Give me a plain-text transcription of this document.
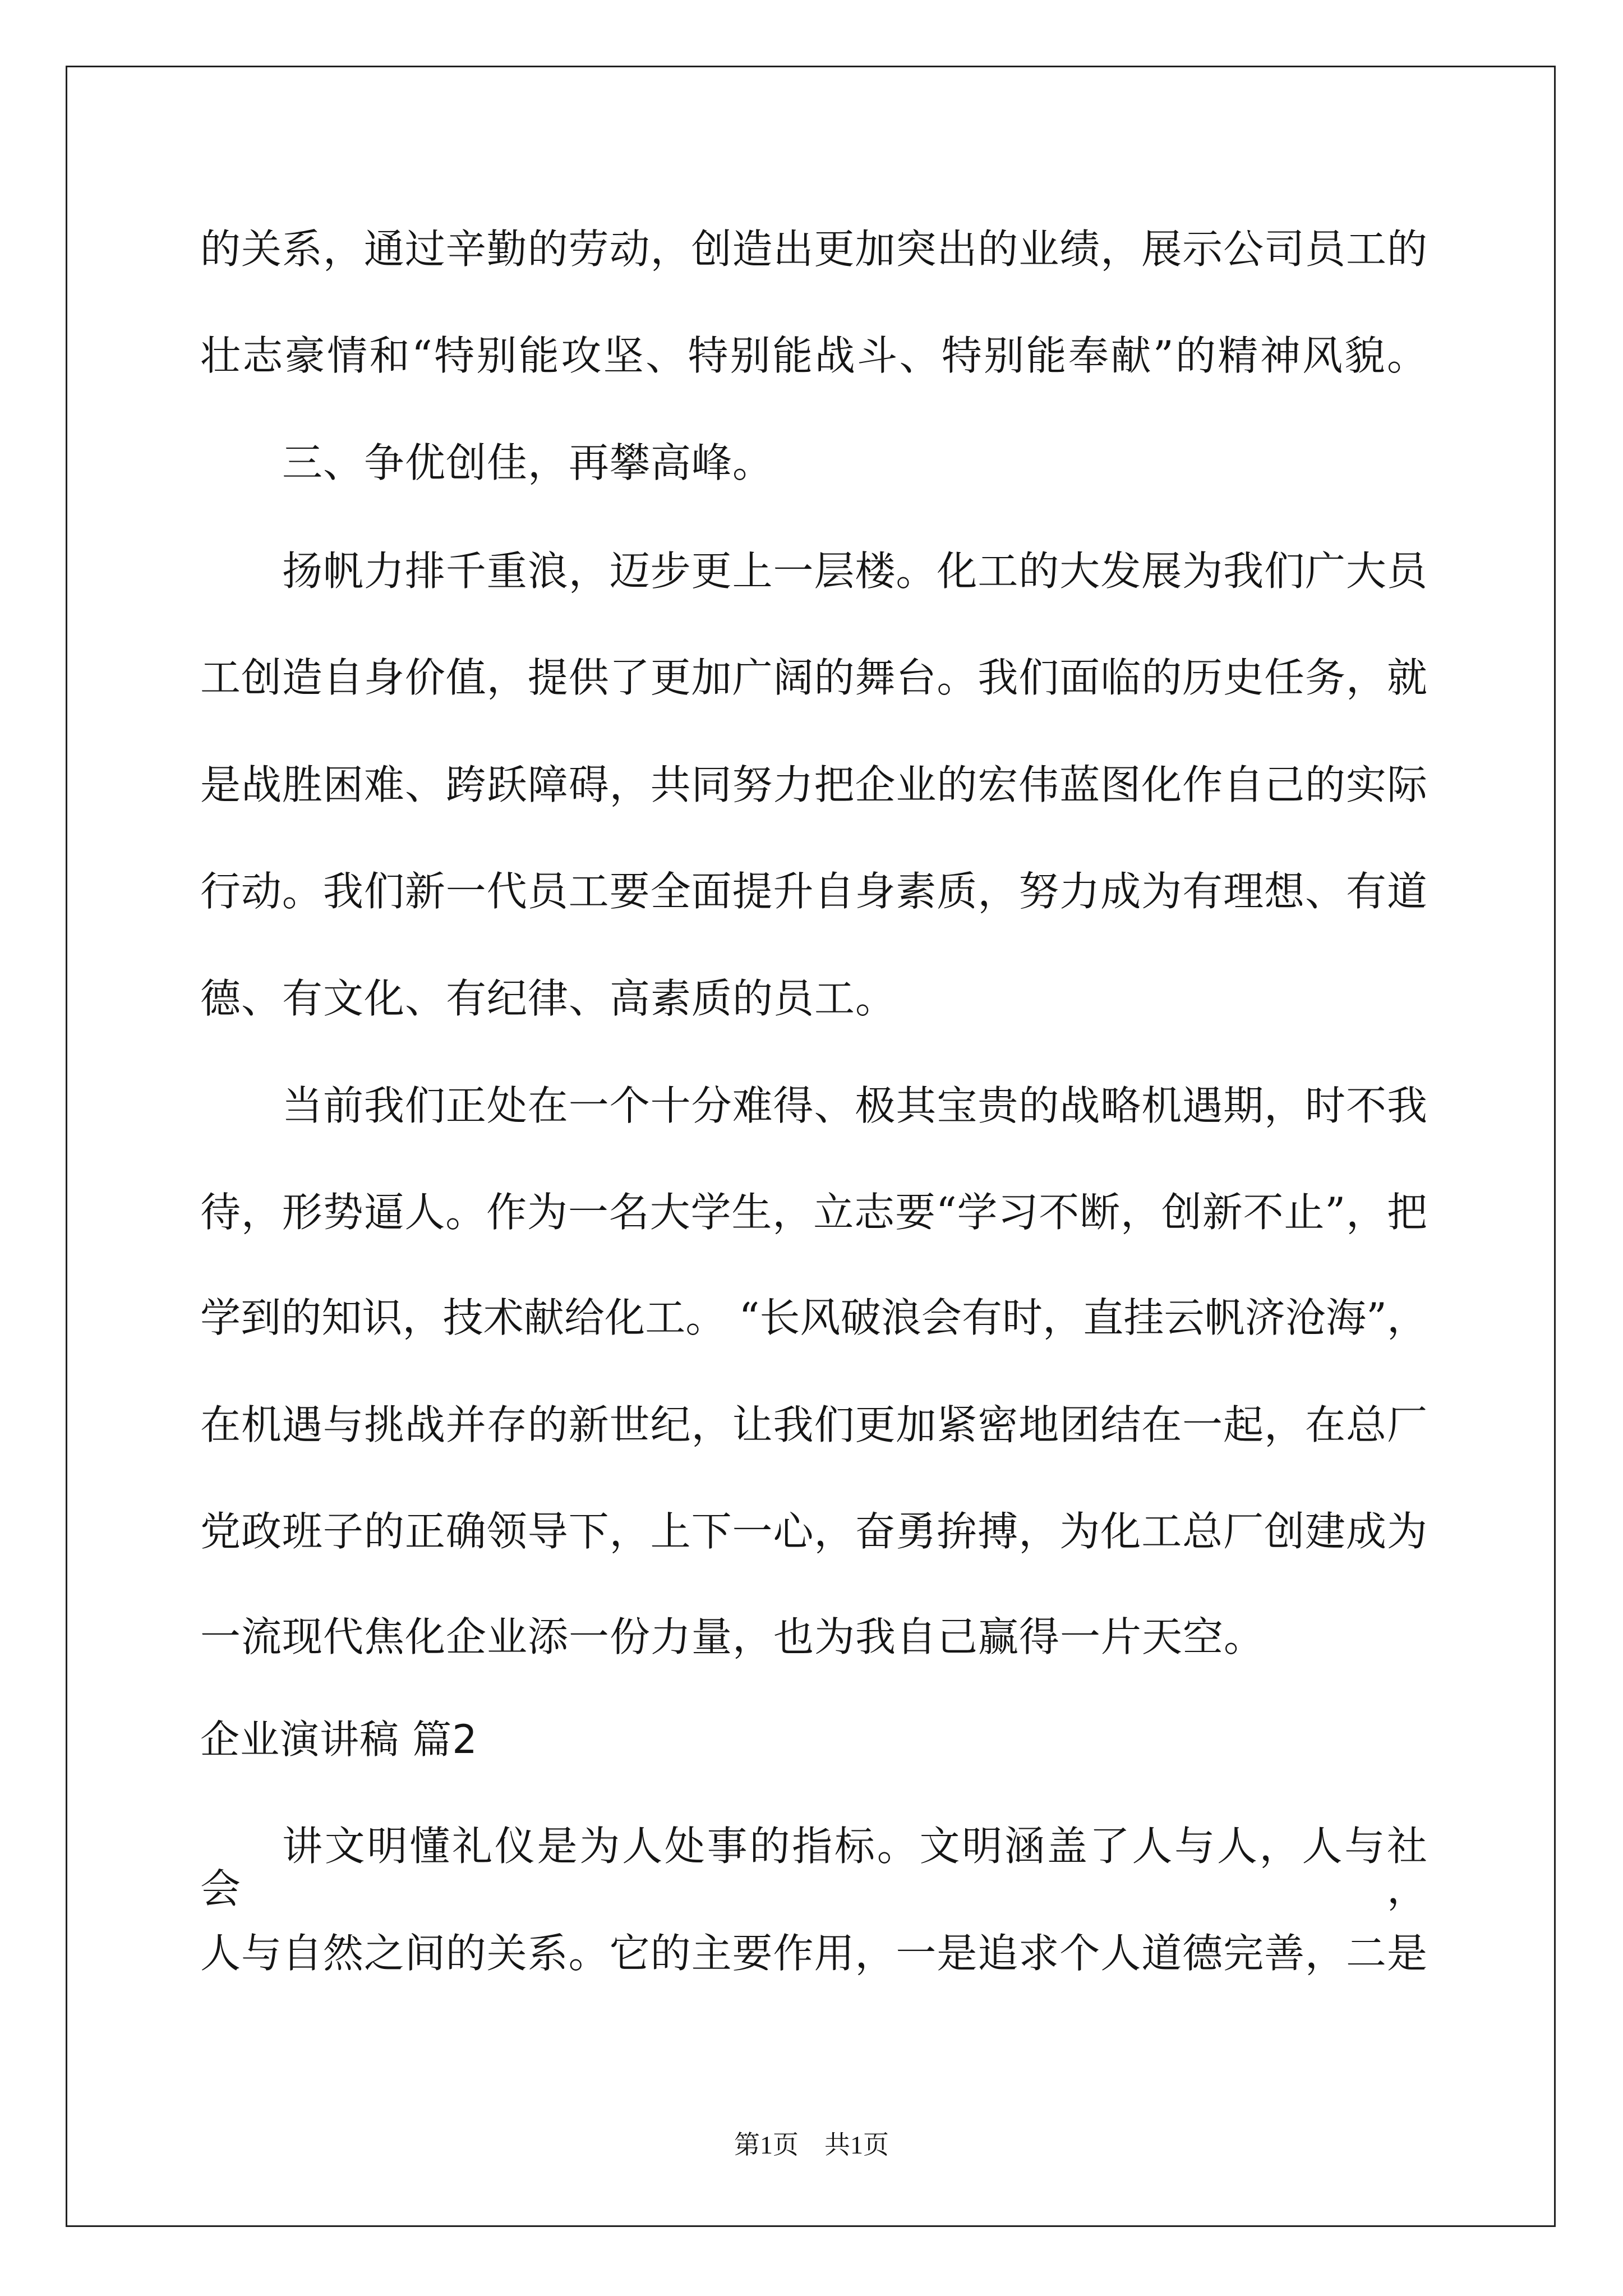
的关系，通过辛勤的劳动，创造出更加突出的业绩，展示公司员工的

壮志豪情和“特别能攻坚、特别能战斗、特别能奉献”的精神风貌。

三、争优创佳，再攀高峰。

扬帆力排千重浪，迈步更上一层楼。化工的大发展为我们广大员

工创造自身价值，提供了更加广阔的舞台。我们面临的历史任务，就

是战胜困难、跨跃障碍，共同努力把企业的宏伟蓝图化作自己的实际

行动。我们新一代员工要全面提升自身素质，努力成为有理想、有道

德、有文化、有纪律、高素质的员工。

当前我们正处在一个十分难得、极其宝贵的战略机遇期，时不我

待，形势逼人。作为一名大学生，立志要“学习不断，创新不止”，把

学到的知识，技术献给化工。 “长风破浪会有时，直挂云帆济沧海”，

在机遇与挑战并存的新世纪，让我们更加紧密地团结在一起，在总厂

党政班子的正确领导下，上下一心，奋勇拚搏，为化工总厂创建成为

一流现代焦化企业添一份力量，也为我自己赢得一片天空。

企业演讲稿 篇2

讲文明懂礼仪是为人处事的指标。文明涵盖了人与人，人与社会，

人与自然之间的关系。它的主要作用，一是追求个人道德完善，二是

第1页 共1页
